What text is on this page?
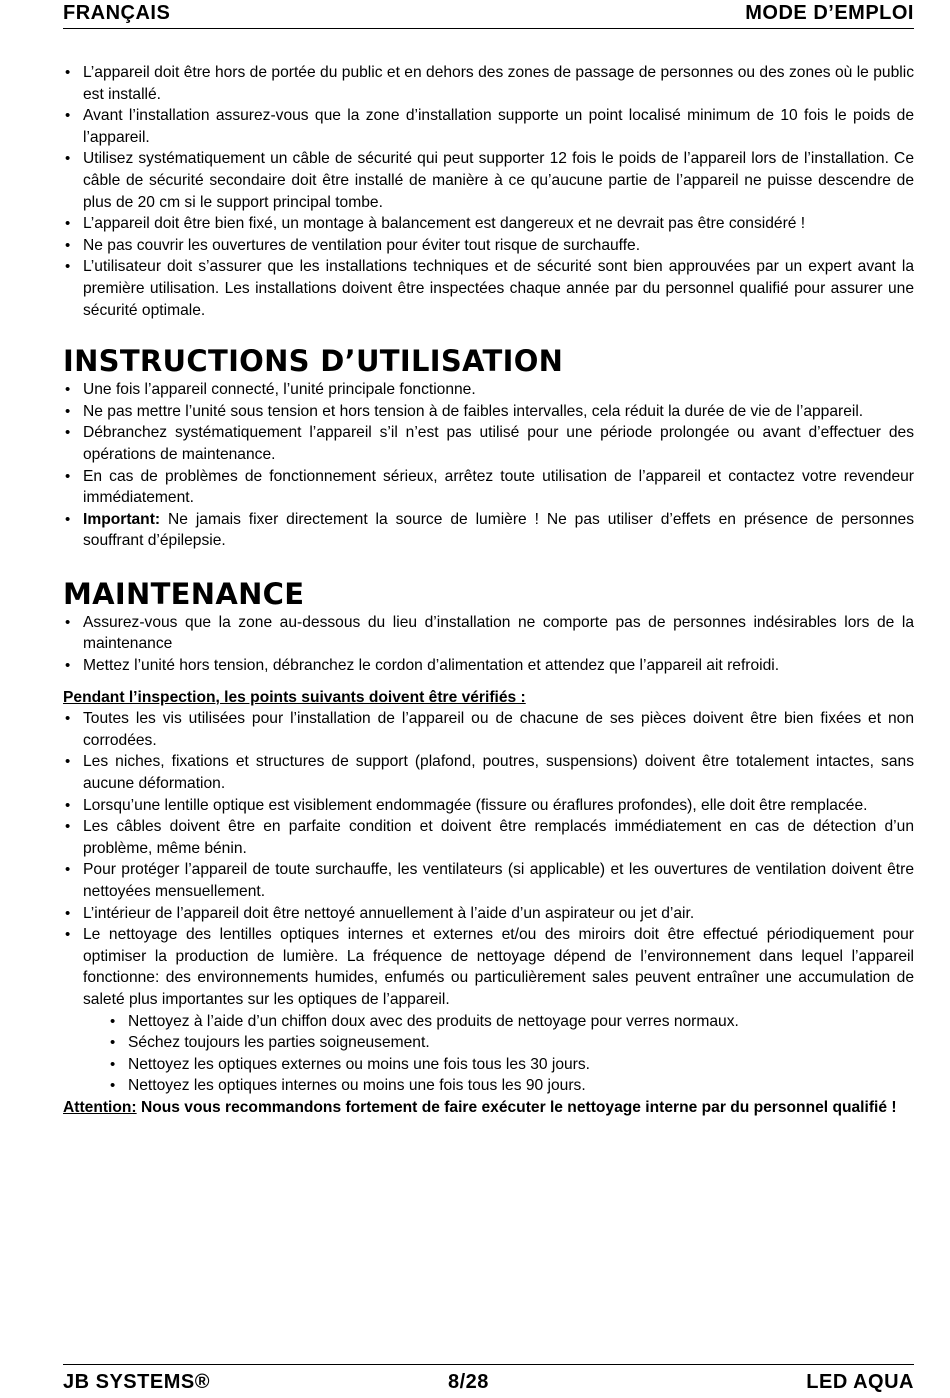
FRANÇAIS	MODE D’EMPLOI
• L’appareil doit être hors de portée du public et en dehors des zones de passage de personnes ou des zones où le public est installé.
• Avant l’installation assurez-vous que la zone d’installation supporte un point localisé minimum de 10 fois le poids de l’appareil.
• Utilisez systématiquement un câble de sécurité qui peut supporter 12 fois le poids de l’appareil lors de l’installation. Ce câble de sécurité secondaire doit être installé de manière à ce qu’aucune partie de l’appareil ne puisse descendre de plus de 20 cm si le support principal tombe.
• L’appareil doit être bien fixé, un montage à balancement est dangereux et ne devrait pas être considéré !
• Ne pas couvrir les ouvertures de ventilation pour éviter tout risque de surchauffe.
• L’utilisateur doit s’assurer que les installations techniques et de sécurité sont bien approuvées par un expert avant la première utilisation. Les installations doivent être inspectées chaque année par du personnel qualifié pour assurer une sécurité optimale.
INSTRUCTIONS D’UTILISATION
• Une fois l’appareil connecté, l’unité principale fonctionne.
• Ne pas mettre l’unité sous tension et hors tension à de faibles intervalles, cela réduit la durée de vie de l’appareil.
• Débranchez systématiquement l’appareil s’il n’est pas utilisé pour une période prolongée ou avant d’effectuer des opérations de maintenance.
• En cas de problèmes de fonctionnement sérieux, arrêtez toute utilisation de l’appareil et contactez votre revendeur immédiatement.
• Important: Ne jamais fixer directement la source de lumière ! Ne pas utiliser d’effets en présence de personnes souffrant d’épilepsie.
MAINTENANCE
• Assurez-vous que la zone au-dessous du lieu d’installation ne comporte pas de personnes indésirables lors de la maintenance
• Mettez l’unité hors tension, débranchez le cordon d’alimentation et attendez que l’appareil ait refroidi.
Pendant l’inspection, les points suivants doivent être vérifiés :
• Toutes les vis utilisées pour l’installation de l’appareil ou de chacune de ses pièces doivent être bien fixées et non corrodées.
• Les niches, fixations et structures de support (plafond, poutres, suspensions) doivent être totalement intactes, sans aucune déformation.
• Lorsqu’une lentille optique est visiblement endommagée (fissure ou éraflures profondes), elle doit être remplacée.
• Les câbles doivent être en parfaite condition et doivent être remplacés immédiatement en cas de détection d’un problème, même bénin.
• Pour protéger l’appareil de toute surchauffe, les ventilateurs (si applicable) et les ouvertures de ventilation doivent être nettoyées mensuellement.
• L’intérieur de l’appareil doit être nettoyé annuellement à l’aide d’un aspirateur ou jet d’air.
• Le nettoyage des lentilles optiques internes et externes et/ou des miroirs doit être effectué périodiquement pour optimiser la production de lumière. La fréquence de nettoyage dépend de l’environnement dans lequel l’appareil fonctionne: des environnements humides, enfumés ou particulièrement sales peuvent entraîner une accumulation de saleté plus importantes sur les optiques de l’appareil.
• Nettoyez à l’aide d’un chiffon doux avec des produits de nettoyage pour verres normaux.
• Séchez toujours les parties soigneusement.
• Nettoyez les optiques externes ou moins une fois tous les 30 jours.
• Nettoyez les optiques internes ou moins une fois tous les 90 jours.
Attention: Nous vous recommandons fortement de faire exécuter le nettoyage interne par du personnel qualifié !
JB SYSTEMS®	8/28	LED AQUA
